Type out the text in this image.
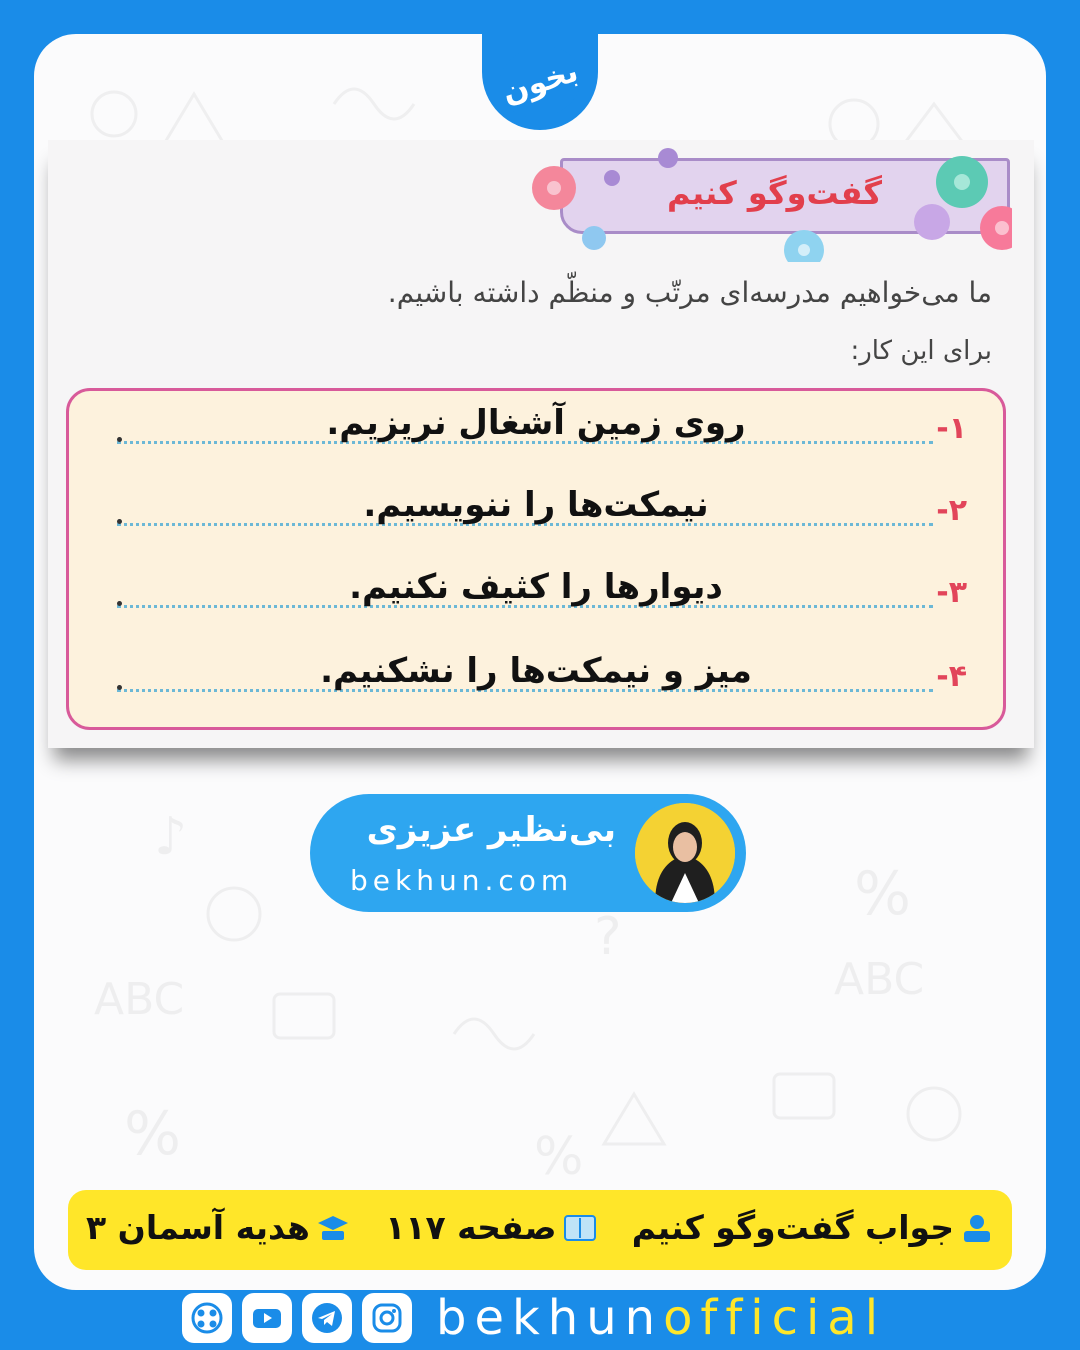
ABC	ABC
%
%
?
♪
%
بخون
گفت‌وگو کنیم
ما می‌خواهیم مدرسه‌ای مرتّب و منظّم داشته باشیم.
برای این کار:
۱-
روی زمین آشغال نریزیم.
۲-
نیمکت‌ها را ننویسیم.
۳-
دیوارها را کثیف نکنیم.
۴-
میز و نیمکت‌ها را نشکنیم.
بی‌نظیر عزیزی
bekhun.com
جواب گفت‌وگو کنیم
صفحه ۱۱۷
هدیه آسمان ۳
bekhunofficial
